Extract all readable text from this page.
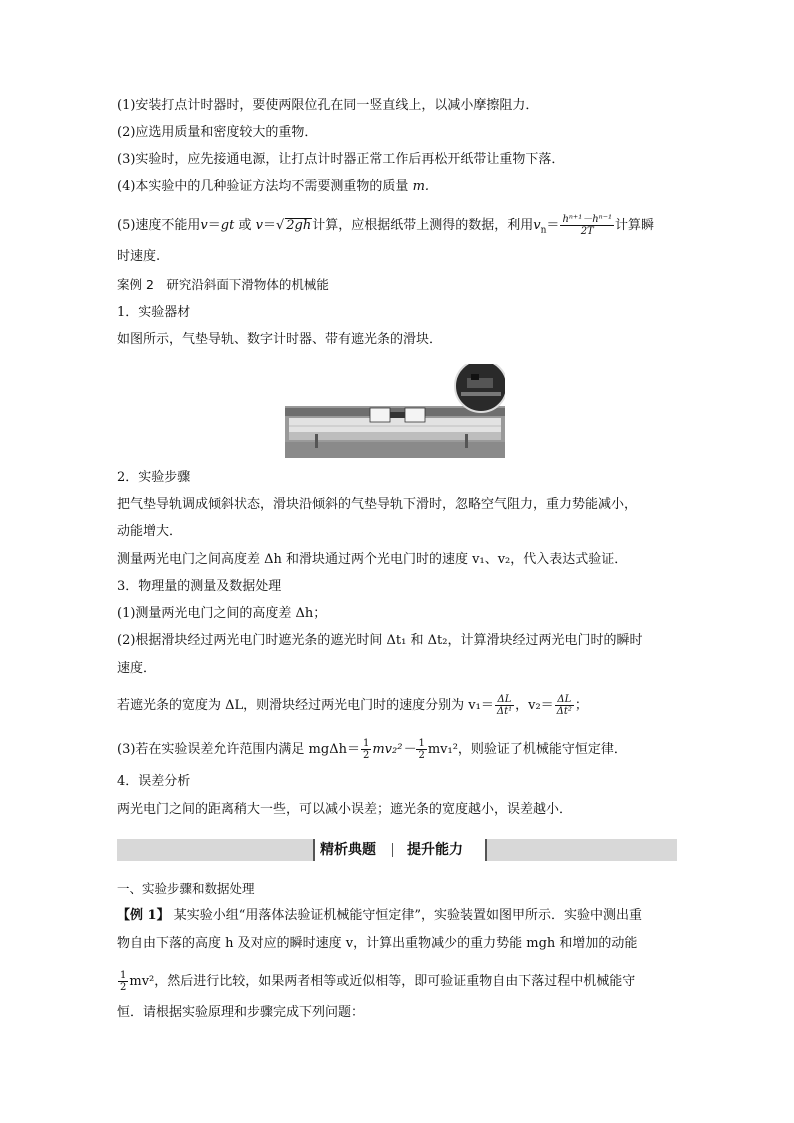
(1)安装打点计时器时，要使两限位孔在同一竖直线上，以减小摩擦阻力．
(2)应选用质量和密度较大的重物．
(3)实验时，应先接通电源，让打点计时器正常工作后再松开纸带让重物下落．
(4)本实验中的几种验证方法均不需要测重物的质量 m.
(5)速度不能用v＝gt 或 v＝√ 2gh计算，应根据纸带上测得的数据，利用$v_n= \frac{\text{hⁿ⁺¹－hⁿ⁻¹}}{2T}$ 计算瞬
时速度.
案例 2　研究沿斜面下滑物体的机械能
1．实验器材
如图所示，气垫导轨、数字计时器、带有遮光条的滑块．
2．实验步骤
把气垫导轨调成倾斜状态，滑块沿倾斜的气垫导轨下滑时，忽略空气阻力，重力势能减小，
动能增大．
测量两光电门之间高度差 Δh 和滑块通过两个光电门时的速度 v₁、v₂，代入表达式验证．
3．物理量的测量及数据处理
(1)测量两光电门之间的高度差 Δh；
(2)根据滑块经过两光电门时遮光条的遮光时间 Δt₁ 和 Δt₂，计算滑块经过两光电门时的瞬时
速度．
若遮光条的宽度为 ΔL，则滑块经过两光电门时的速度分别为 $v_1= \frac{\Delta L}{\text{Δt¹}}$ ，$v_2= \frac{\Delta L}{\text{Δt²}}$ ；
(3)若在实验误差允许范围内满足 $mg\Delta h= \frac{1}{2} mv_2^2- \frac{1}{2} mv_1^2$，则验证了机械能守恒定律．
4．误差分析
两光电门之间的距离稍大一些，可以减小误差；遮光条的宽度越小，误差越小．
精析典题 提升能力
一、实验步骤和数据处理
【例 1】 某实验小组“用落体法验证机械能守恒定律”，实验装置如图甲所示．实验中测出重
物自由下落的高度 h 及对应的瞬时速度 v，计算出重物减少的重力势能 mgh 和增加的动能
$\frac{1}{2} mv^2$，然后进行比较，如果两者相等或近似相等，即可验证重物自由下落过程中机械能守
恒．请根据实验原理和步骤完成下列问题：
